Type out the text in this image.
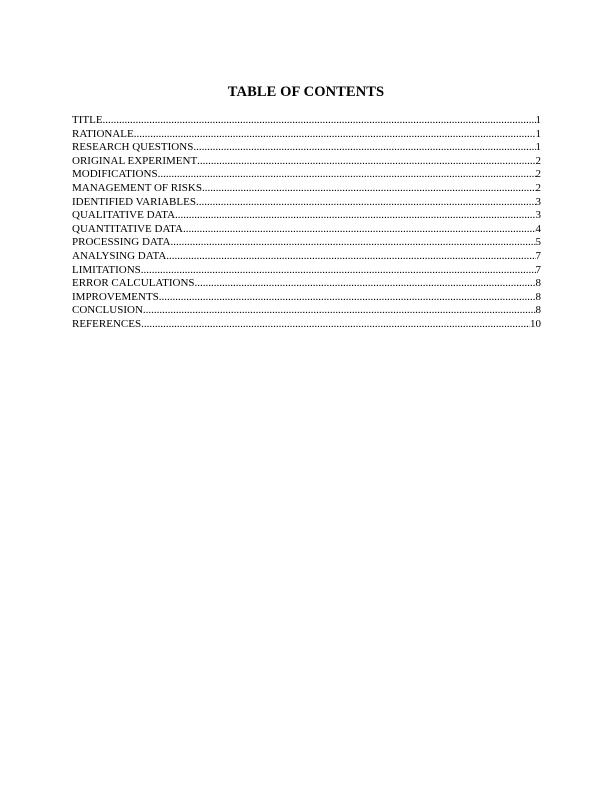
TABLE OF CONTENTS
TITLE .....	1
RATIONALE .....	1
RESEARCH QUESTIONS .....	1
ORIGINAL EXPERIMENT .....	2
MODIFICATIONS .....	2
MANAGEMENT OF RISKS .....	2
IDENTIFIED VARIABLES .....	3
QUALITATIVE DATA .....	3
QUANTITATIVE DATA .....	4
PROCESSING DATA .....	5
ANALYSING DATA .....	7
LIMITATIONS .....	7
ERROR CALCULATIONS .....	8
IMPROVEMENTS .....	8
CONCLUSION .....	8
REFERENCES .....	10
